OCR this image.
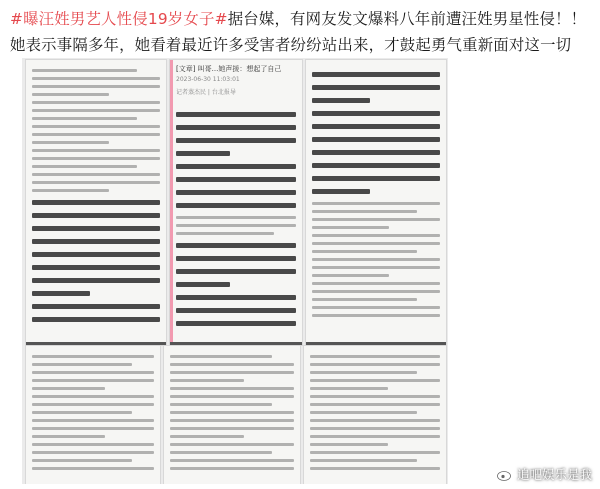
#曝汪姓男艺人性侵19岁女子#据台媒，有网友发文爆料八年前遭汪姓男星性侵！！她表示事隔多年，她看着最近许多受害者纷纷站出来，才鼓起勇气重新面对这一切
[文章] 叫哥...她声援：想起了自己
2023-06-30 11:03:01
记者蒸杰民 | 台北报导
追吧娱乐是我
